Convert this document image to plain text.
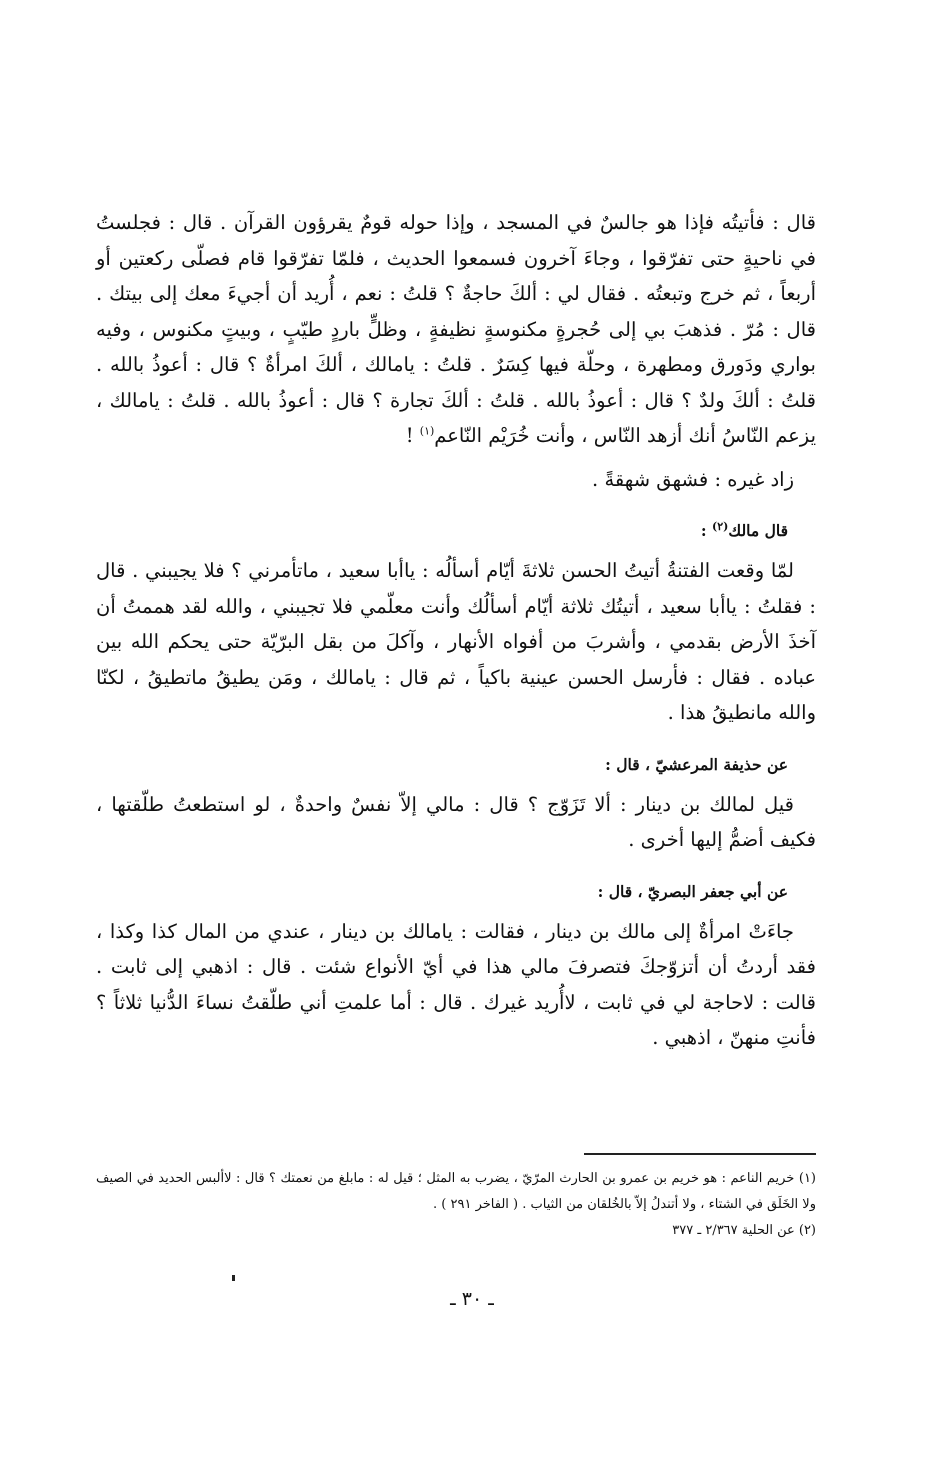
قال : فأتيتُه فإذا هو جالسٌ في المسجد ، وإذا حوله قومٌ يقرؤون القرآن . قال : فجلستُ في ناحيةٍ حتى تفرّقوا ، وجاءَ آخرون فسمعوا الحديث ، فلمّا تفرّقوا قام فصلّى ركعتين أو أربعاً ، ثم خرج وتبعتُه . فقال لي : ألكَ حاجةٌ ؟ قلتُ : نعم ، أُريد أن أجيءَ معك إلى بيتك . قال : مُرّ . فذهبَ بي إلى حُجرةٍ مكنوسةٍ نظيفةٍ ، وظلٍّ باردٍ طيّبٍ ، وبيتٍ مكنوس ، وفيه بواري ودَورق ومطهرة ، وحلّة فيها كِسَرٌ . قلتُ : يامالك ، ألكَ امرأةٌ ؟ قال : أعوذُ بالله . قلتُ : ألكَ ولدٌ ؟ قال : أعوذُ بالله . قلتُ : ألكَ تجارة ؟ قال : أعوذُ بالله . قلتُ : يامالك ، يزعم النّاسُ أنك أزهد النّاس ، وأنت خُرَيْم النّاعم$^{(١)}$ !

زاد غيره : فشهق شهقةً .

قال مالك$^{(٢)}$ :

لمّا وقعت الفتنةُ أتيتُ الحسن ثلاثةَ أيّام أسألُه : ياأبا سعيد ، ماتأمرني ؟ فلا يجيبني . قال : فقلتُ : ياأبا سعيد ، أتيتُك ثلاثة أيّام أسألُك وأنت معلّمي فلا تجيبني ، والله لقد هممتُ أن آخذَ الأرض بقدمي ، وأشربَ من أفواه الأنهار ، وآكلَ من بقل البرّيّة حتى يحكم الله بين عباده . فقال : فأرسل الحسن عينية باكياً ، ثم قال : يامالك ، ومَن يطيقُ ماتطيقُ ، لكنّا والله مانطيقُ هذا .

عن حذيفة المرعشيّ ، قال :

قيل لمالك بن دينار : ألا تَزَوّج ؟ قال : مالي إلاّ نفسٌ واحدةٌ ، لو استطعتُ طلّقتها ، فكيف أضمُّ إليها أخرى .

عن أبي جعفر البصريّ ، قال :

جاءَتْ امرأةٌ إلى مالك بن دينار ، فقالت : يامالك بن دينار ، عندي من المال كذا وكذا ، فقد أردتُ أن أتزوّجكَ فتصرفَ مالي هذا في أيّ الأنواع شئت . قال : اذهبي إلى ثابت . قالت : لاحاجة لي في ثابت ، لاأُريد غيرك . قال : أما علمتِ أني طلّقتُ نساءَ الدُّنيا ثلاثاً ؟ فأنتِ منهنّ ، اذهبي .

(١) خريم الناعم : هو خريم بن عمرو بن الحارث المرّيّ ، يضرب به المثل ؛ قيل له : مابلغ من نعمتك ؟ قال : لاألبس الحديد في الصيف ولا الخَلَق في الشتاء ، ولا أتندلُ إلاّ بالخُلقان من الثياب . ( الفاخر ٢٩١ ) .

(٢) عن الحلية ٢/٣٦٧ ـ ٣٧٧

ـ ٣٠ ـ
